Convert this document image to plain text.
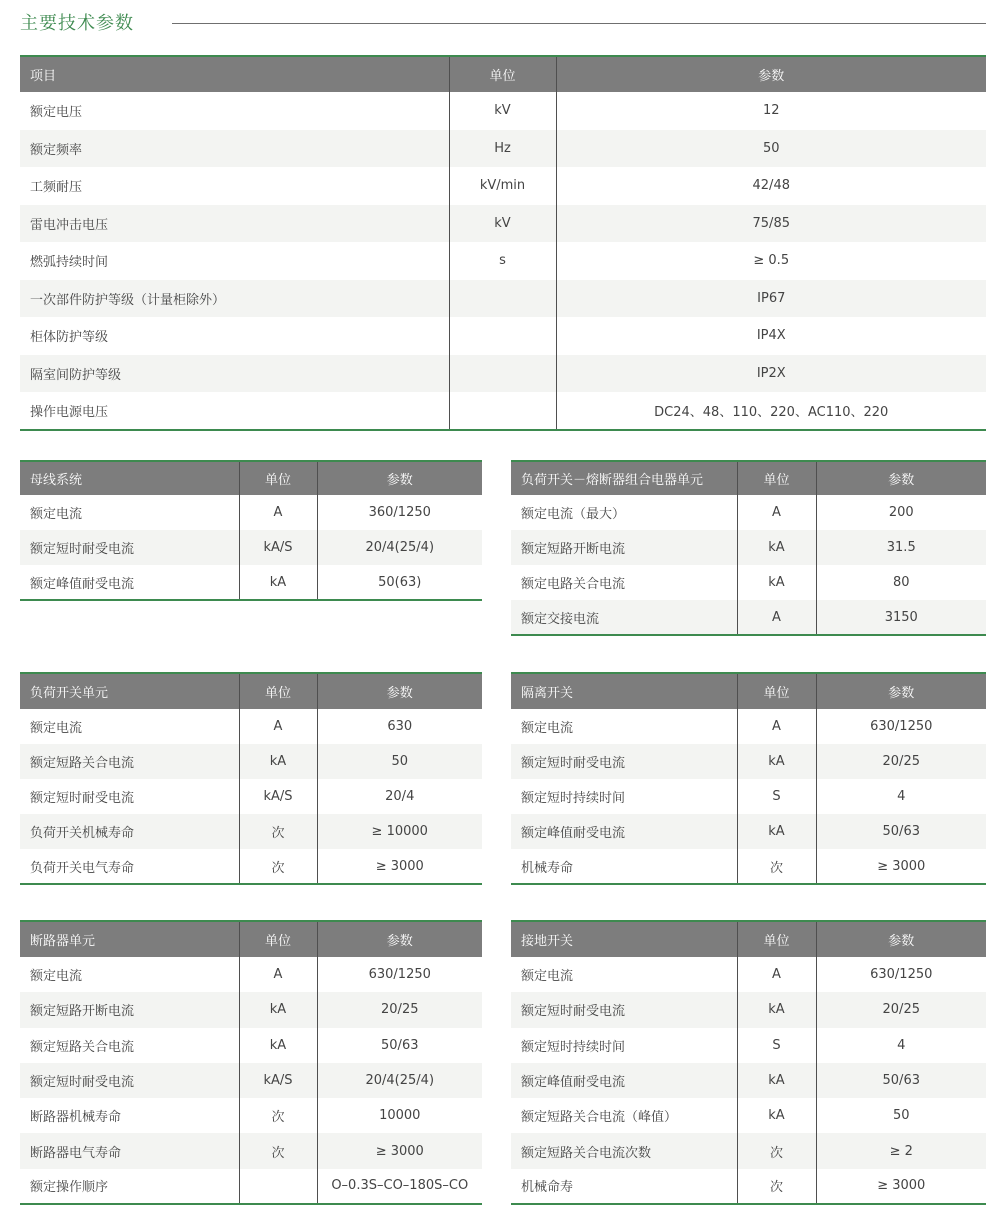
主要技术参数
项目	单位	参数
额定电压	kV	12
额定频率	Hz	50
工频耐压	kV/min	42/48
雷电冲击电压	kV	75/85
燃弧持续时间	s	≥ 0.5
一次部件防护等级（计量柜除外）		IP67
柜体防护等级		IP4X
隔室间防护等级		IP2X
操作电源电压		DC24、48、110、220、AC110、220
母线系统	单位	参数
额定电流	A	360/1250
额定短时耐受电流	kA/S	20/4(25/4)
额定峰值耐受电流	kA	50(63)
负荷开关－熔断器组合电器单元	单位	参数
额定电流（最大）	A	200
额定短路开断电流	kA	31.5
额定电路关合电流	kA	80
额定交接电流	A	3150
负荷开关单元	单位	参数
额定电流	A	630
额定短路关合电流	kA	50
额定短时耐受电流	kA/S	20/4
负荷开关机械寿命	次	≥ 10000
负荷开关电气寿命	次	≥ 3000
隔离开关	单位	参数
额定电流	A	630/1250
额定短时耐受电流	kA	20/25
额定短时持续时间	S	4
额定峰值耐受电流	kA	50/63
机械寿命	次	≥ 3000
断路器单元	单位	参数
额定电流	A	630/1250
额定短路开断电流	kA	20/25
额定短路关合电流	kA	50/63
额定短时耐受电流	kA/S	20/4(25/4)
断路器机械寿命	次	10000
断路器电气寿命	次	≥ 3000
额定操作顺序		O–0.3S–CO–180S–CO
接地开关	单位	参数
额定电流	A	630/1250
额定短时耐受电流	kA	20/25
额定短时持续时间	S	4
额定峰值耐受电流	kA	50/63
额定短路关合电流（峰值）	kA	50
额定短路关合电流次数	次	≥ 2
机械命寿	次	≥ 3000
